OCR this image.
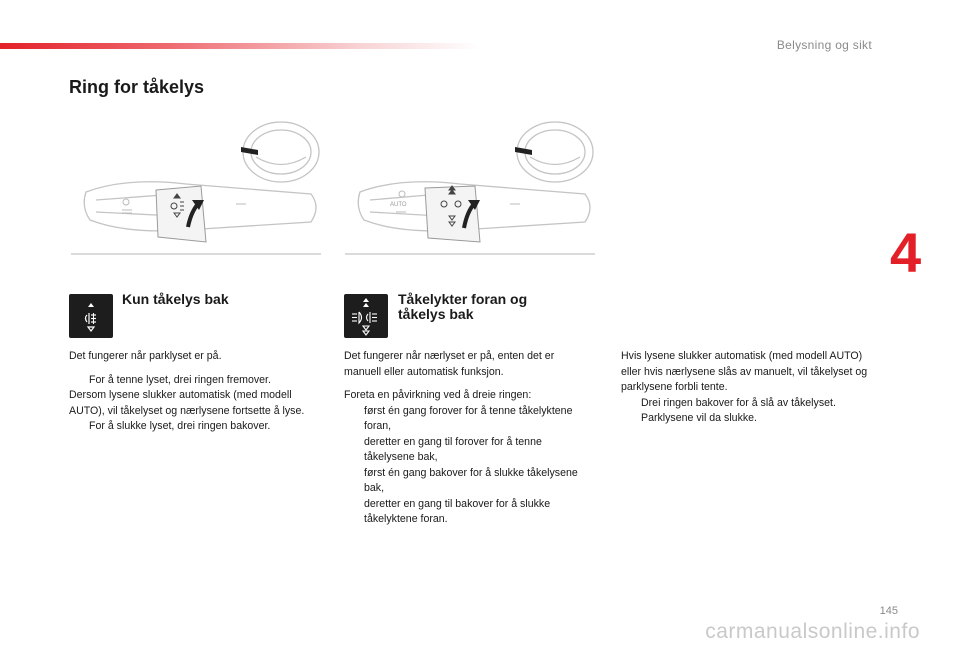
Belysning og sikt
4
Ring for tåkelys
AUTO
Kun tåkelys bak

Det fungerer når parklyset er på.

For å tenne lyset, drei ringen fremover.

Dersom lysene slukker automatisk (med modell AUTO), vil tåkelyset og nærlysene fortsette å lyse.

For å slukke lyset, drei ringen bakover.

Tåkelykter foran og
tåkelys bak

Det fungerer når nærlyset er på, enten det er manuell eller automatisk funksjon.

Foreta en påvirkning ved å dreie ringen:

først én gang forover for å tenne tåkelyktene foran,

deretter en gang til forover for å tenne tåkelysene bak,

først én gang bakover for å slukke tåkelysene bak,

deretter en gang til bakover for å slukke tåkelyktene foran.

Hvis lysene slukker automatisk (med modell AUTO) eller hvis nærlysene slås av manuelt, vil tåkelyset og parklysene forbli tente.

Drei ringen bakover for å slå av tåkelyset. Parklysene vil da slukke.

145
carmanualsonline.info
